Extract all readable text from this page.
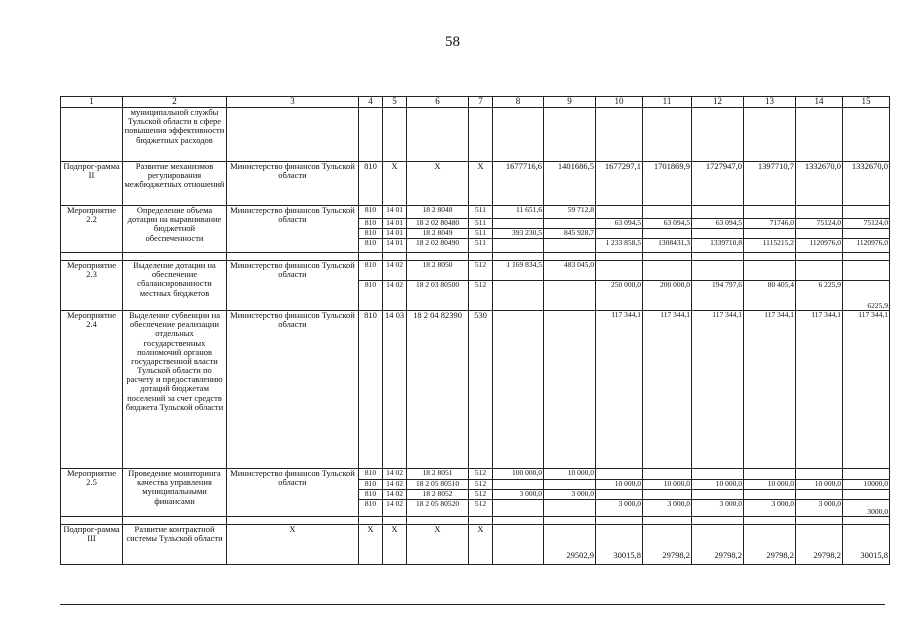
58
1	2	3	4	5	6	7	8	9	10	11	12	13	14	15
	муниципальной службы Тульской области в сфере повышения эффективности бюджетных расходов													
Подпрог-рамма II	Развитие механизмов регулирования межбюджетных отношений	Министерство финансов Тульской области	810	X	X	X	1677716,6	1401686,5	1677297,1	1701869,9	1727947,0	1397710,7	1332670,0	1332670,0
Мероприятие 2.2	Определение объема дотации на выравнивание бюджетной обеспеченности	Министерство финансов Тульской области	810	14 01	18 2 8048	511	11 651,6	59 712,8						
			810	14 01	18 2 02 80480	511			63 094,5	63 094,5	63 094,5	71746,0	75124,0	75124,0
			810	14 01	18 2 8049	511	393 230,5	845 928,7						
			810	14 01	18 2 02 80490	511			1 233 858,5	1308431,3	1339710,8	1115215,2	1120976,0	1120976,0

Мероприятие 2.3	Выделение дотации на обеспечение сбалансированности местных бюджетов	Министерство финансов Тульской области	810	14 02	18 2 8050	512	1 169 834,5	483 045,0						
			810	14 02	18 2 03 80500	512			250 000,0	200 000,0	194 797,6	80 405,4	6 225,9	6225,9
Мероприятие 2.4	Выделение субвенции на обеспечение реализации отдельных государственных полномочий органов государственной власти Тульской области по расчету и предоставлению дотаций бюджетам поселений за счет средств бюджета Тульской области	Министерство финансов Тульской области	810	14 03	18 2 04 82390	530			117 344,1	117 344,1	117 344,1	117 344,1	117 344,1	117 344,1
Мероприятие 2.5	Проведение мониторинга качества управления муниципальными финансами	Министерство финансов Тульской области	810	14 02	18 2 8051	512	100 000,0	10 000,0						
			810	14 02	18 2 05 80510	512			10 000,0	10 000,0	10 000,0	10 000,0	10 000,0	10000,0
			810	14 02	18 2 8052	512	3 000,0	3 000,0						
			810	14 02	18 2 05 80520	512			3 000,0	3 000,0	3 000,0	3 000,0	3 000,0	3000,0

Подпрог-рамма III	Развитие контрактной системы Тульской области	X	X	X	X	X		29502,9	30015,8	29798,2	29798,2	29798,2	29798,2	30015,8
